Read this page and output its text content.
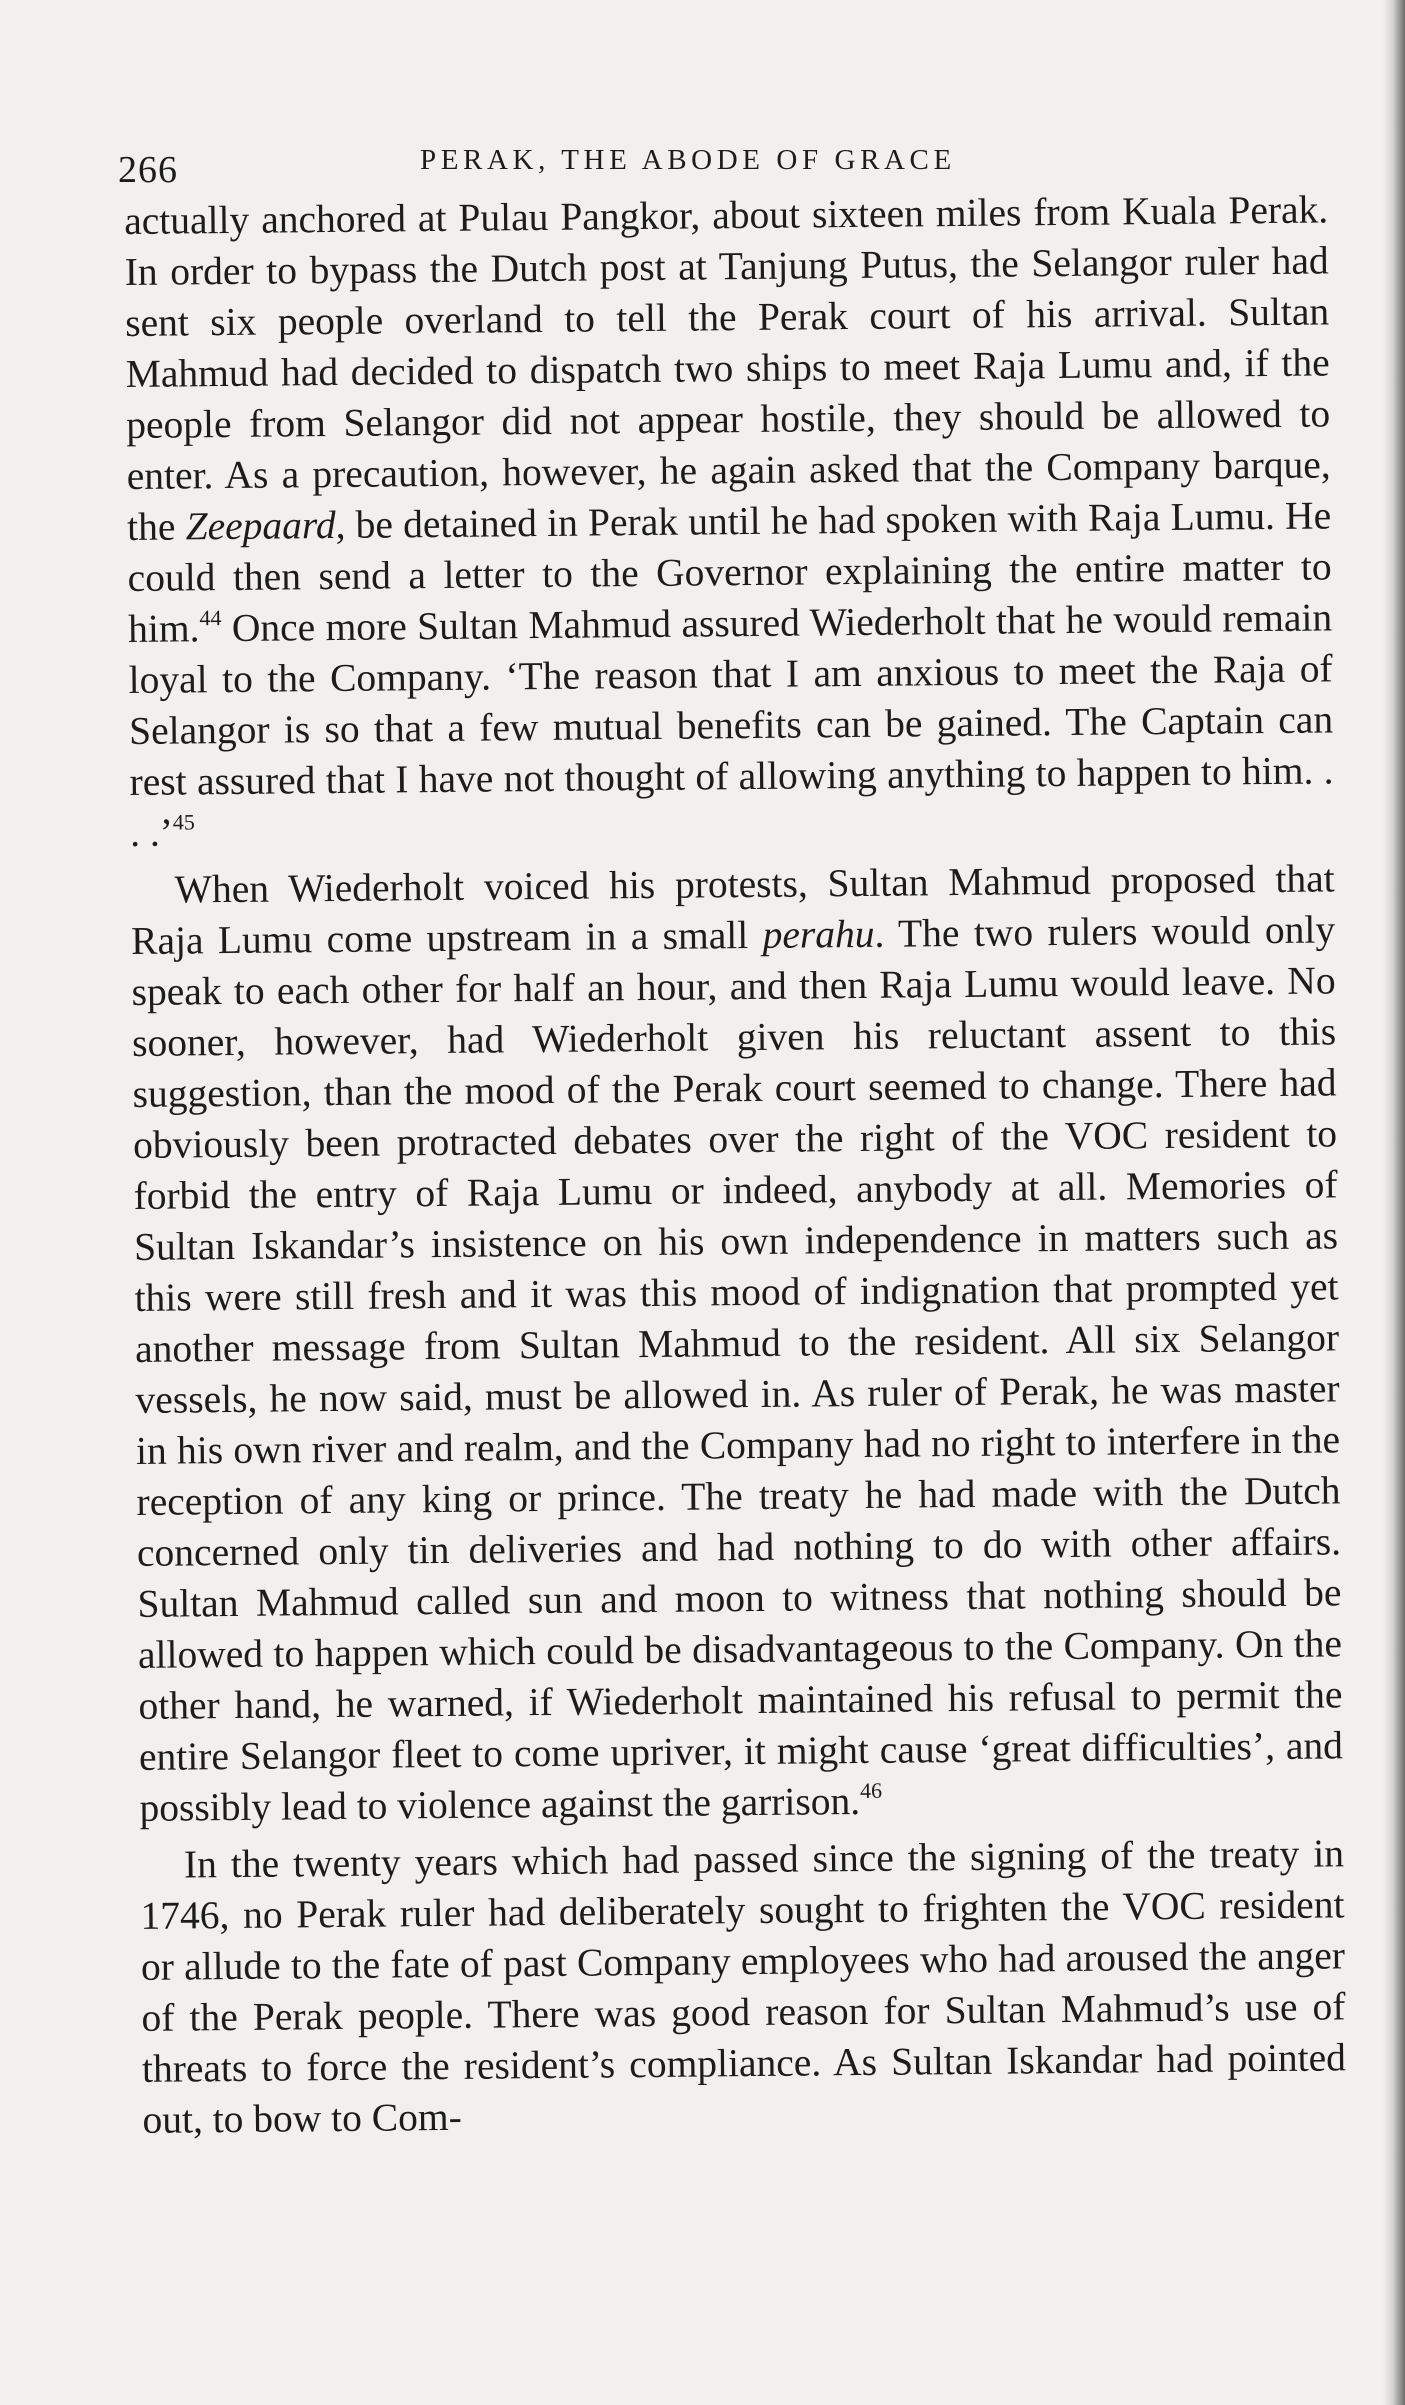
266	PERAK, THE ABODE OF GRACE

actually anchored at Pulau Pangkor, about sixteen miles from Kuala Perak. In order to bypass the Dutch post at Tanjung Putus, the Selangor ruler had sent six people overland to tell the Perak court of his arrival. Sultan Mahmud had decided to dispatch two ships to meet Raja Lumu and, if the people from Selangor did not appear hostile, they should be allowed to enter. As a precaution, however, he again asked that the Company barque, the Zeepaard, be detained in Perak until he had spoken with Raja Lumu. He could then send a letter to the Governor explaining the entire matter to him.$^{44}$ Once more Sultan Mahmud assured Wiederholt that he would remain loyal to the Company. ‘The reason that I am anxious to meet the Raja of Selangor is so that a few mutual benefits can be gained. The Captain can rest assured that I have not thought of allowing anything to happen to him. . . .’$^{45}$

When Wiederholt voiced his protests, Sultan Mahmud proposed that Raja Lumu come upstream in a small perahu. The two rulers would only speak to each other for half an hour, and then Raja Lumu would leave. No sooner, however, had Wiederholt given his reluctant assent to this suggestion, than the mood of the Perak court seemed to change. There had obviously been protracted debates over the right of the VOC resident to forbid the entry of Raja Lumu or indeed, anybody at all. Memories of Sultan Iskandar’s insistence on his own independence in matters such as this were still fresh and it was this mood of indignation that prompted yet another message from Sultan Mahmud to the resident. All six Selangor vessels, he now said, must be allowed in. As ruler of Perak, he was master in his own river and realm, and the Company had no right to interfere in the reception of any king or prince. The treaty he had made with the Dutch concerned only tin deliveries and had nothing to do with other affairs. Sultan Mahmud called sun and moon to witness that nothing should be allowed to happen which could be disadvantageous to the Company. On the other hand, he warned, if Wiederholt maintained his refusal to permit the entire Selangor fleet to come upriver, it might cause ‘great difficulties’, and possibly lead to violence against the garrison.$^{46}$

In the twenty years which had passed since the signing of the treaty in 1746, no Perak ruler had deliberately sought to frighten the VOC resident or allude to the fate of past Company employees who had aroused the anger of the Perak people. There was good reason for Sultan Mahmud’s use of threats to force the resident’s compliance. As Sultan Iskandar had pointed out, to bow to Com-
